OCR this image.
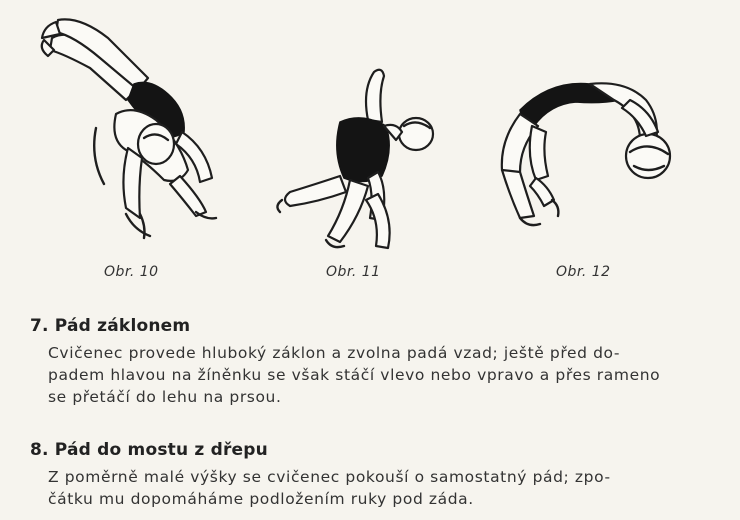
Obr. 10	Obr. 11	Obr. 12
7. Pád záklonem

Cvičenec provede hluboký záklon a zvolna padá vzad; ještě před do-
padem hlavou na žíněnku se však stáčí vlevo nebo vpravo a přes rameno
se přetáčí do lehu na prsou.

8. Pád do mostu z dřepu

Z poměrně malé výšky se cvičenec pokouší o samostatný pád; zpo-
čátku mu dopomáháme podložením ruky pod záda.
